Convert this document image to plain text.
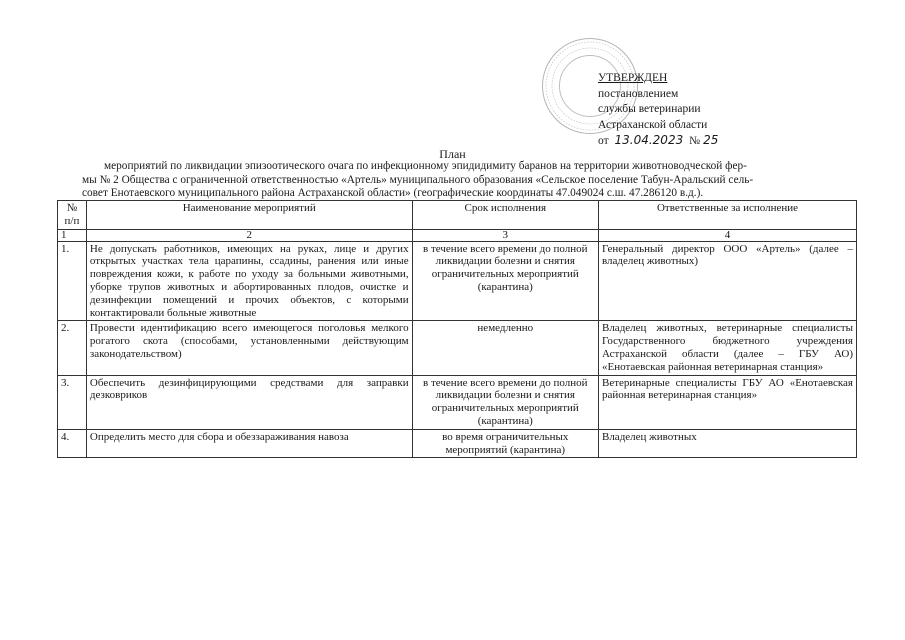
УТВЕРЖДЕН
постановлением
службы ветеринарии
Астраханской области
от 13.04.2023 № 25
План
мероприятий по ликвидации эпизоотического очага по инфекционному эпидидимиту баранов на территории животноводческой фер-
мы № 2 Общества с ограниченной ответственностью «Артель» муниципального образования «Сельское поселение Табун-Аральский сель-
совет Енотаевского муниципального района Астраханской области» (географические координаты 47.049024 с.ш. 47.286120 в.д.).
№ п/п	Наименование мероприятий	Срок исполнения	Ответственные за исполнение
1	2	3	4
1.	Не допускать работников, имеющих на руках, лице и других открытых участках тела царапины, ссадины, ранения или иные повреждения кожи, к работе по уходу за больными животными, уборке трупов животных и абортированных плодов, очистке и дезинфекции помещений и прочих объектов, с которыми контактировали больные животные	в течение всего времени до полной ликвидации болезни и снятия ограничительных мероприятий (карантина)	Генеральный директор ООО «Артель» (далее – владелец животных)
2.	Провести идентификацию всего имеющегося поголовья мелкого рогатого скота (способами, установленными действующим законодательством)	немедленно	Владелец животных, ветеринарные специалисты Государственного бюджетного учреждения Астраханской области (далее – ГБУ АО) «Енотаевская районная ветеринарная станция»
3.	Обеспечить дезинфицирующими средствами для заправки дезковриков	в течение всего времени до полной ликвидации болезни и снятия ограничительных мероприятий (карантина)	Ветеринарные специалисты ГБУ АО «Енотаевская районная ветеринарная станция»
4.	Определить место для сбора и обеззараживания навоза	во время ограничительных мероприятий (карантина)	Владелец животных
